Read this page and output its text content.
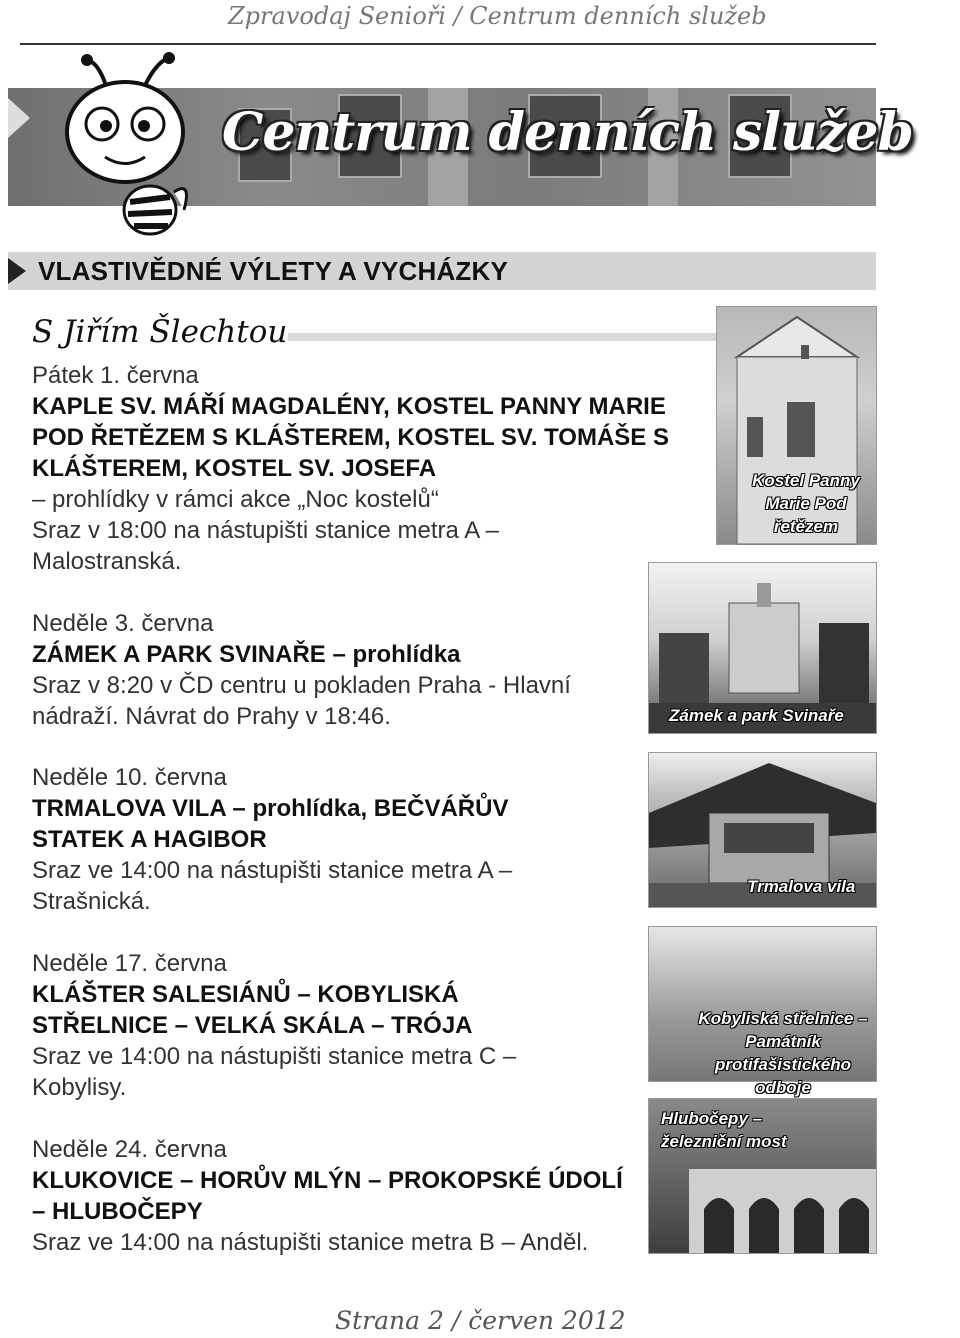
Zpravodaj Senioři / Centrum denních služeb
Centrum denních služeb
VLASTIVĚDNÉ VÝLETY A VYCHÁZKY
S Jiřím Šlechtou
Pátek 1. června
KAPLE SV. MÁŘÍ MAGDALÉNY, KOSTEL PANNY MARIE POD ŘETĚZEM S KLÁŠTEREM, KOSTEL SV. TOMÁŠE S KLÁŠTEREM, KOSTEL SV. JOSEFA
– prohlídky v rámci akce „Noc kostelů“
Sraz v 18:00 na nástupišti stanice metra A – Malostranská.
Neděle 3. června
ZÁMEK A PARK SVINAŘE – prohlídka
Sraz v 8:20 v ČD centru u pokladen Praha - Hlavní nádraží. Návrat do Prahy v 18:46.
Neděle 10. června
TRMALOVA VILA – prohlídka, BEČVÁŘŮV STATEK A HAGIBOR
Sraz ve 14:00 na nástupišti stanice metra A – Strašnická.
Neděle 17. června
KLÁŠTER SALESIÁNŮ – KOBYLISKÁ STŘELNICE – VELKÁ SKÁLA – TRÓJA
Sraz ve 14:00 na nástupišti stanice metra C – Kobylisy.
Neděle 24. června
KLUKOVICE – HORŮV MLÝN – PROKOPSKÉ ÚDOLÍ – HLUBOČEPY
Sraz ve 14:00 na nástupišti stanice metra B – Anděl.
Kostel Panny Marie Pod řetězem
Zámek a park Svinaře
Trmalova vila
Kobyliská střelnice – Památník protifašistického odboje
Hlubočepy – železniční most
Strana 2 / červen 2012
